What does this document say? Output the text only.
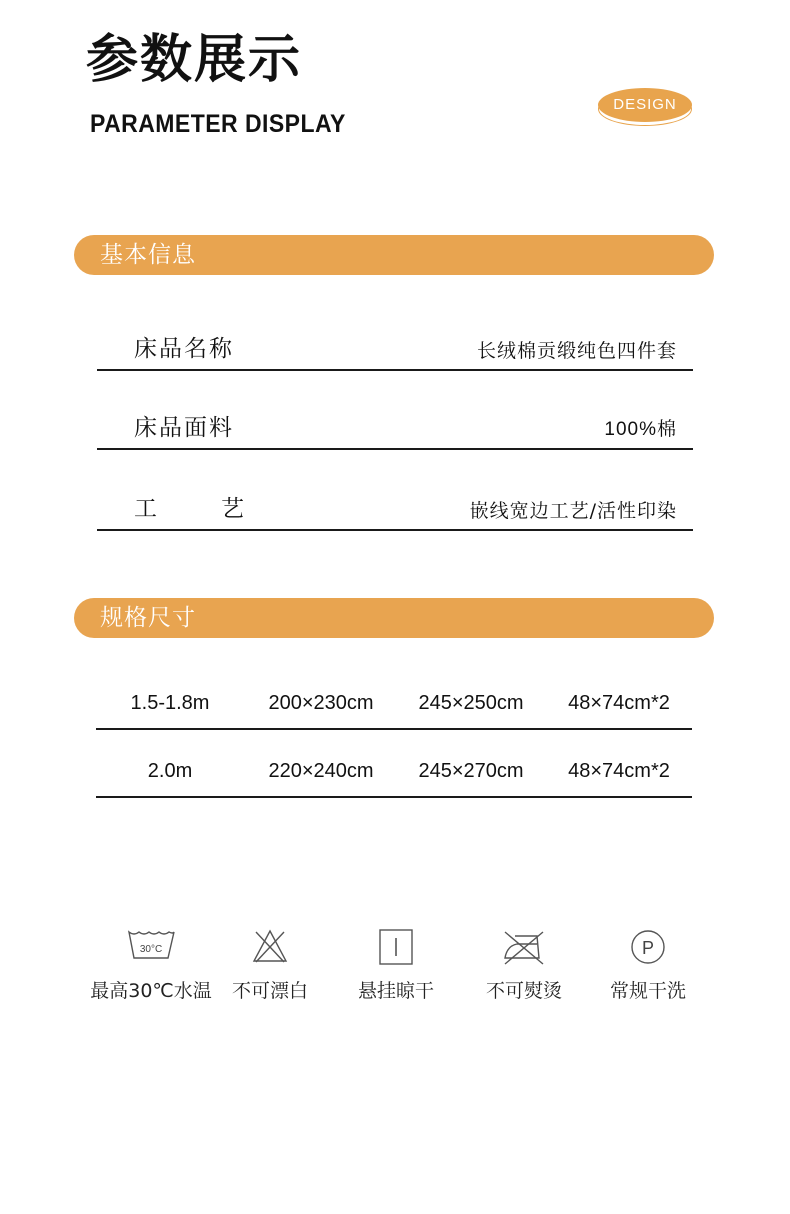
参数展示
PARAMETER DISPLAY
DESIGN
基本信息
床品名称	长绒棉贡缎纯色四件套
床品面料	100%棉
工　　艺	嵌线宽边工艺/活性印染
规格尺寸
1.5-1.8m	200×230cm	245×250cm	48×74cm*2
2.0m	220×240cm	245×270cm	48×74cm*2
30°C
最高30℃水温	不可漂白	悬挂晾干	不可熨烫
P
常规干洗
